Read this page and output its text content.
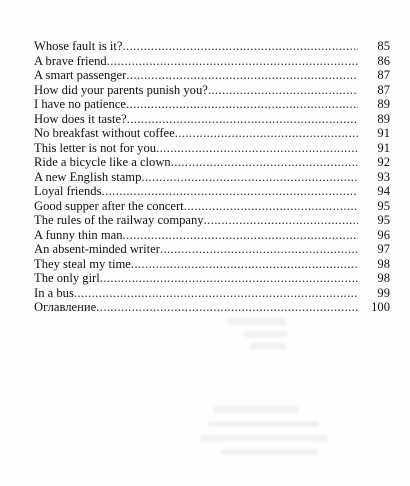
Whose fault is it? .....	85
A brave friend .....	86
A smart passenger .....	87
How did your parents punish you? .....	87
I have no patience .....	89
How does it taste? .....	89
No breakfast without coffee .....	91
This letter is not for you .....	91
Ride a bicycle like a clown .....	92
A new English stamp .....	93
Loyal friends .....	94
Good supper after the concert .....	95
The rules of the railway company .....	95
A funny thin man .....	96
An absent-minded writer .....	97
They steal my time .....	98
The only girl .....	98
In a bus .....	99
Оглавление .....	100
